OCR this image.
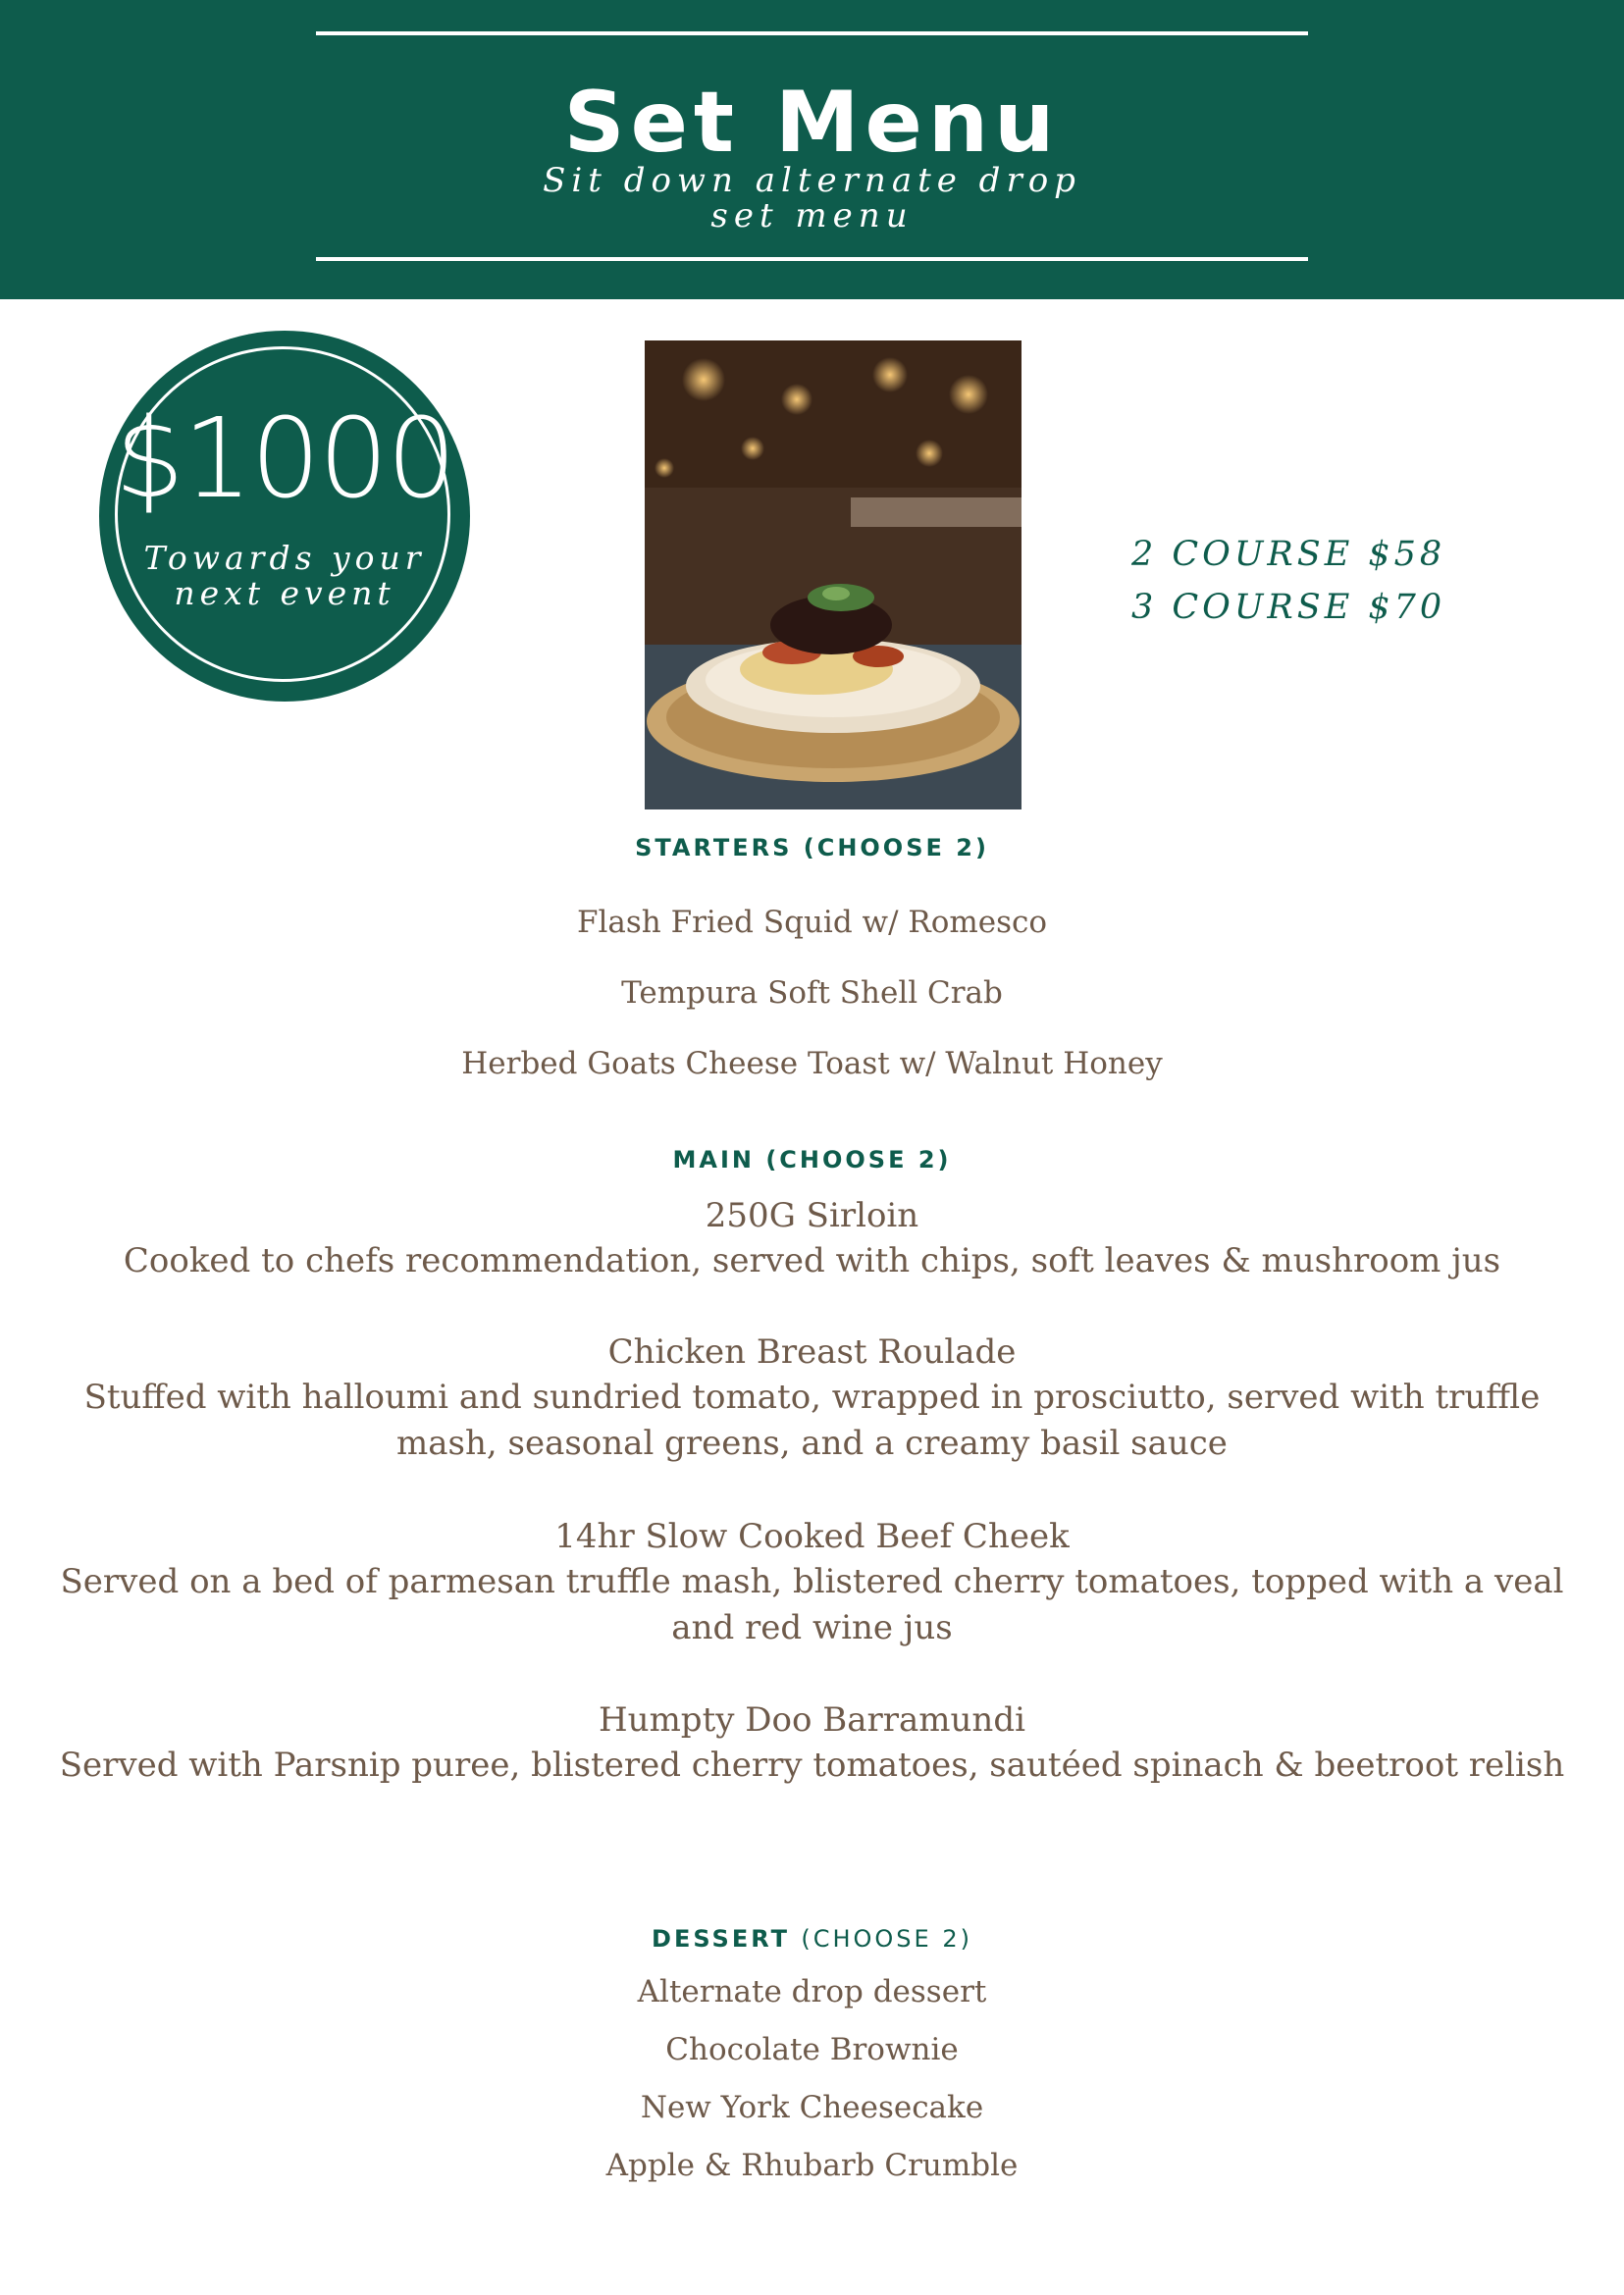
Set Menu
Sit down alternate drop
set menu
$1000
Towards your
next event
2 COURSE $58
3 COURSE $70
STARTERS (CHOOSE 2)
Flash Fried Squid w/ Romesco
Tempura Soft Shell Crab
Herbed Goats Cheese Toast w/ Walnut Honey
MAIN (CHOOSE 2)
250G Sirloin
Cooked to chefs recommendation, served with chips, soft leaves & mushroom jus
Chicken Breast Roulade
Stuffed with halloumi and sundried tomato, wrapped in prosciutto, served with truffle mash, seasonal greens, and a creamy basil sauce
14hr Slow Cooked Beef Cheek
Served on a bed of parmesan truffle mash, blistered cherry tomatoes, topped with a veal and red wine jus
Humpty Doo Barramundi
Served with Parsnip puree, blistered cherry tomatoes, sautéed spinach & beetroot relish
DESSERT (CHOOSE 2)
Alternate drop dessert
Chocolate Brownie
New York Cheesecake
Apple & Rhubarb Crumble
